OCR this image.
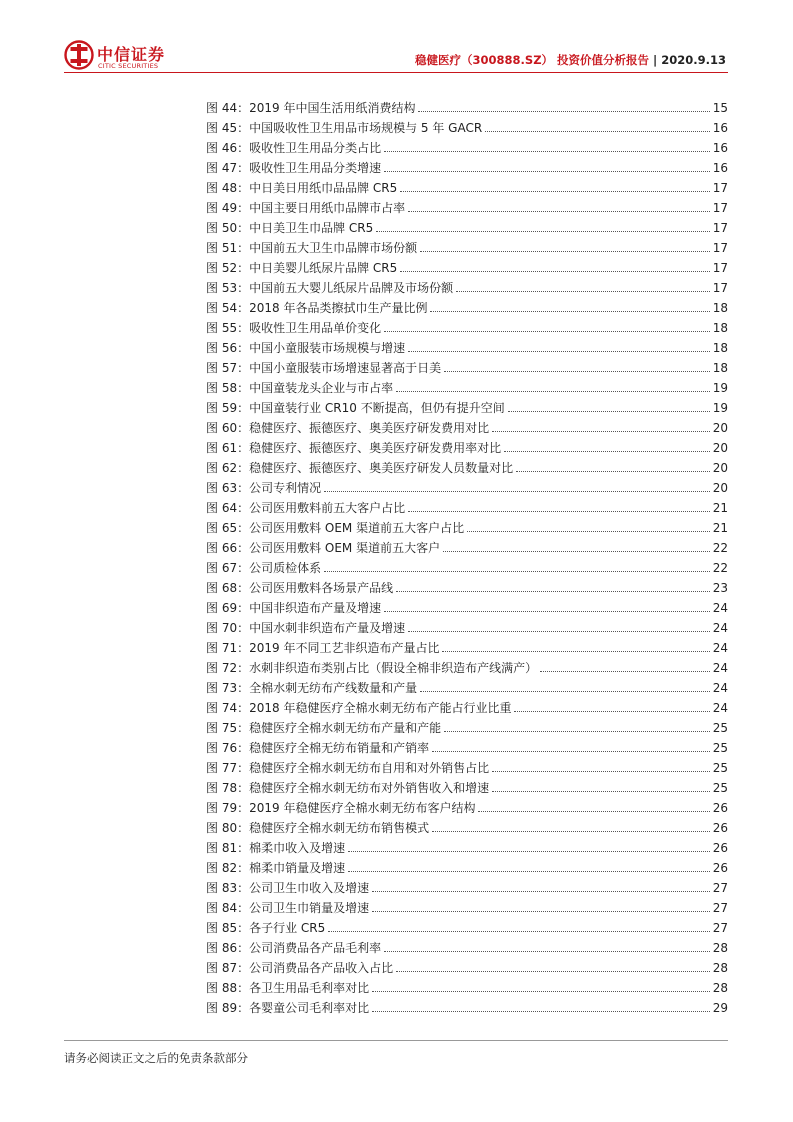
中信证券
CITIC SECURITIES	稳健医疗（300888.SZ） 投资价值分析报告 | 2020.9.13
图 44：2019 年中国生活用纸消费结构	15
图 45：中国吸收性卫生用品市场规模与 5 年 GACR	16
图 46：吸收性卫生用品分类占比	16
图 47：吸收性卫生用品分类增速	16
图 48：中日美日用纸巾品品牌 CR5	17
图 49：中国主要日用纸巾品牌市占率	17
图 50：中日美卫生巾品牌 CR5	17
图 51：中国前五大卫生巾品牌市场份额	17
图 52：中日美婴儿纸尿片品牌 CR5	17
图 53：中国前五大婴儿纸尿片品牌及市场份额	17
图 54：2018 年各品类擦拭巾生产量比例	18
图 55：吸收性卫生用品单价变化	18
图 56：中国小童服装市场规模与增速	18
图 57：中国小童服装市场增速显著高于日美	18
图 58：中国童装龙头企业与市占率	19
图 59：中国童装行业 CR10 不断提高，但仍有提升空间	19
图 60：稳健医疗、振德医疗、奥美医疗研发费用对比	20
图 61：稳健医疗、振德医疗、奥美医疗研发费用率对比	20
图 62：稳健医疗、振德医疗、奥美医疗研发人员数量对比	20
图 63：公司专利情况	20
图 64：公司医用敷料前五大客户占比	21
图 65：公司医用敷料 OEM 渠道前五大客户占比	21
图 66：公司医用敷料 OEM 渠道前五大客户	22
图 67：公司质检体系	22
图 68：公司医用敷料各场景产品线	23
图 69：中国非织造布产量及增速	24
图 70：中国水刺非织造布产量及增速	24
图 71：2019 年不同工艺非织造布产量占比	24
图 72：水刺非织造布类别占比（假设全棉非织造布产线满产）	24
图 73：全棉水刺无纺布产线数量和产量	24
图 74：2018 年稳健医疗全棉水刺无纺布产能占行业比重	24
图 75：稳健医疗全棉水刺无纺布产量和产能	25
图 76：稳健医疗全棉无纺布销量和产销率	25
图 77：稳健医疗全棉水刺无纺布自用和对外销售占比	25
图 78：稳健医疗全棉水刺无纺布对外销售收入和增速	25
图 79：2019 年稳健医疗全棉水刺无纺布客户结构	26
图 80：稳健医疗全棉水刺无纺布销售模式	26
图 81：棉柔巾收入及增速	26
图 82：棉柔巾销量及增速	26
图 83：公司卫生巾收入及增速	27
图 84：公司卫生巾销量及增速	27
图 85：各子行业 CR5	27
图 86：公司消费品各产品毛利率	28
图 87：公司消费品各产品收入占比	28
图 88：各卫生用品毛利率对比	28
图 89：各婴童公司毛利率对比	29
请务必阅读正文之后的免责条款部分
